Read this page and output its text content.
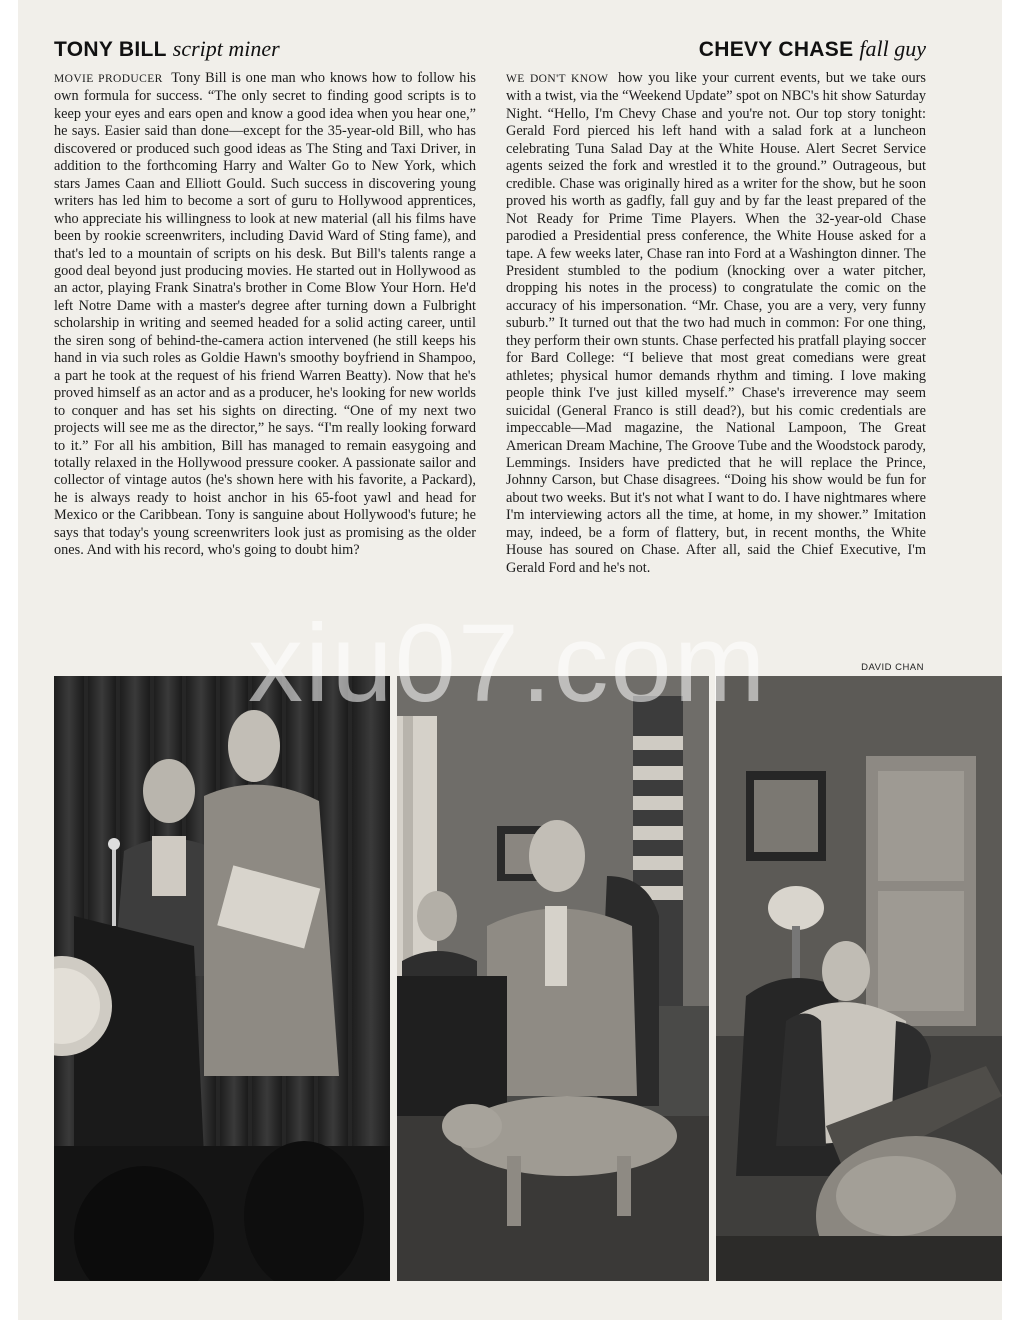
TONY BILL script miner	CHEVY CHASE fall guy
MOVIE PRODUCER Tony Bill is one man who knows how to follow his own formula for success. “The only secret to finding good scripts is to keep your eyes and ears open and know a good idea when you hear one,” he says. Easier said than done—except for the 35-year-old Bill, who has discovered or produced such good ideas as The Sting and Taxi Driver, in addition to the forthcoming Harry and Walter Go to New York, which stars James Caan and Elliott Gould. Such success in discovering young writers has led him to become a sort of guru to Hollywood apprentices, who appreciate his willingness to look at new material (all his films have been by rookie screenwriters, including David Ward of Sting fame), and that's led to a mountain of scripts on his desk. But Bill's talents range a good deal beyond just producing movies. He started out in Hollywood as an actor, playing Frank Sinatra's brother in Come Blow Your Horn. He'd left Notre Dame with a master's degree after turning down a Fulbright scholarship in writing and seemed headed for a solid acting career, until the siren song of behind-the-camera action intervened (he still keeps his hand in via such roles as Goldie Hawn's smoothy boyfriend in Shampoo, a part he took at the request of his friend Warren Beatty). Now that he's proved himself as an actor and as a producer, he's looking for new worlds to conquer and has set his sights on directing. “One of my next two projects will see me as the director,” he says. “I'm really looking forward to it.” For all his ambition, Bill has managed to remain easygoing and totally relaxed in the Hollywood pressure cooker. A passionate sailor and collector of vintage autos (he's shown here with his favorite, a Packard), he is always ready to hoist anchor in his 65-foot yawl and head for Mexico or the Caribbean. Tony is sanguine about Hollywood's future; he says that today's young screenwriters look just as promising as the older ones. And with his record, who's going to doubt him?
WE DON'T KNOW how you like your current events, but we take ours with a twist, via the “Weekend Update” spot on NBC's hit show Saturday Night. “Hello, I'm Chevy Chase and you're not. Our top story tonight: Gerald Ford pierced his left hand with a salad fork at a luncheon celebrating Tuna Salad Day at the White House. Alert Secret Service agents seized the fork and wrestled it to the ground.” Outrageous, but credible. Chase was originally hired as a writer for the show, but he soon proved his worth as gadfly, fall guy and by far the least prepared of the Not Ready for Prime Time Players. When the 32-year-old Chase parodied a Presidential press conference, the White House asked for a tape. A few weeks later, Chase ran into Ford at a Washington dinner. The President stumbled to the podium (knocking over a water pitcher, dropping his notes in the process) to congratulate the comic on the accuracy of his impersonation. “Mr. Chase, you are a very, very funny suburb.” It turned out that the two had much in common: For one thing, they perform their own stunts. Chase perfected his pratfall playing soccer for Bard College: “I believe that most great comedians were great athletes; physical humor demands rhythm and timing. I love making people think I've just killed myself.” Chase's irreverence may seem suicidal (General Franco is still dead?), but his comic credentials are impeccable—Mad magazine, the National Lampoon, The Great American Dream Machine, The Groove Tube and the Woodstock parody, Lemmings. Insiders have predicted that he will replace the Prince, Johnny Carson, but Chase disagrees. “Doing his show would be fun for about two weeks. But it's not what I want to do. I have nightmares where I'm interviewing actors all the time, at home, in my shower.” Imitation may, indeed, be a form of flattery, but, in recent months, the White House has soured on Chase. After all, said the Chief Executive, I'm Gerald Ford and he's not.
DAVID CHAN
xiu07.com
